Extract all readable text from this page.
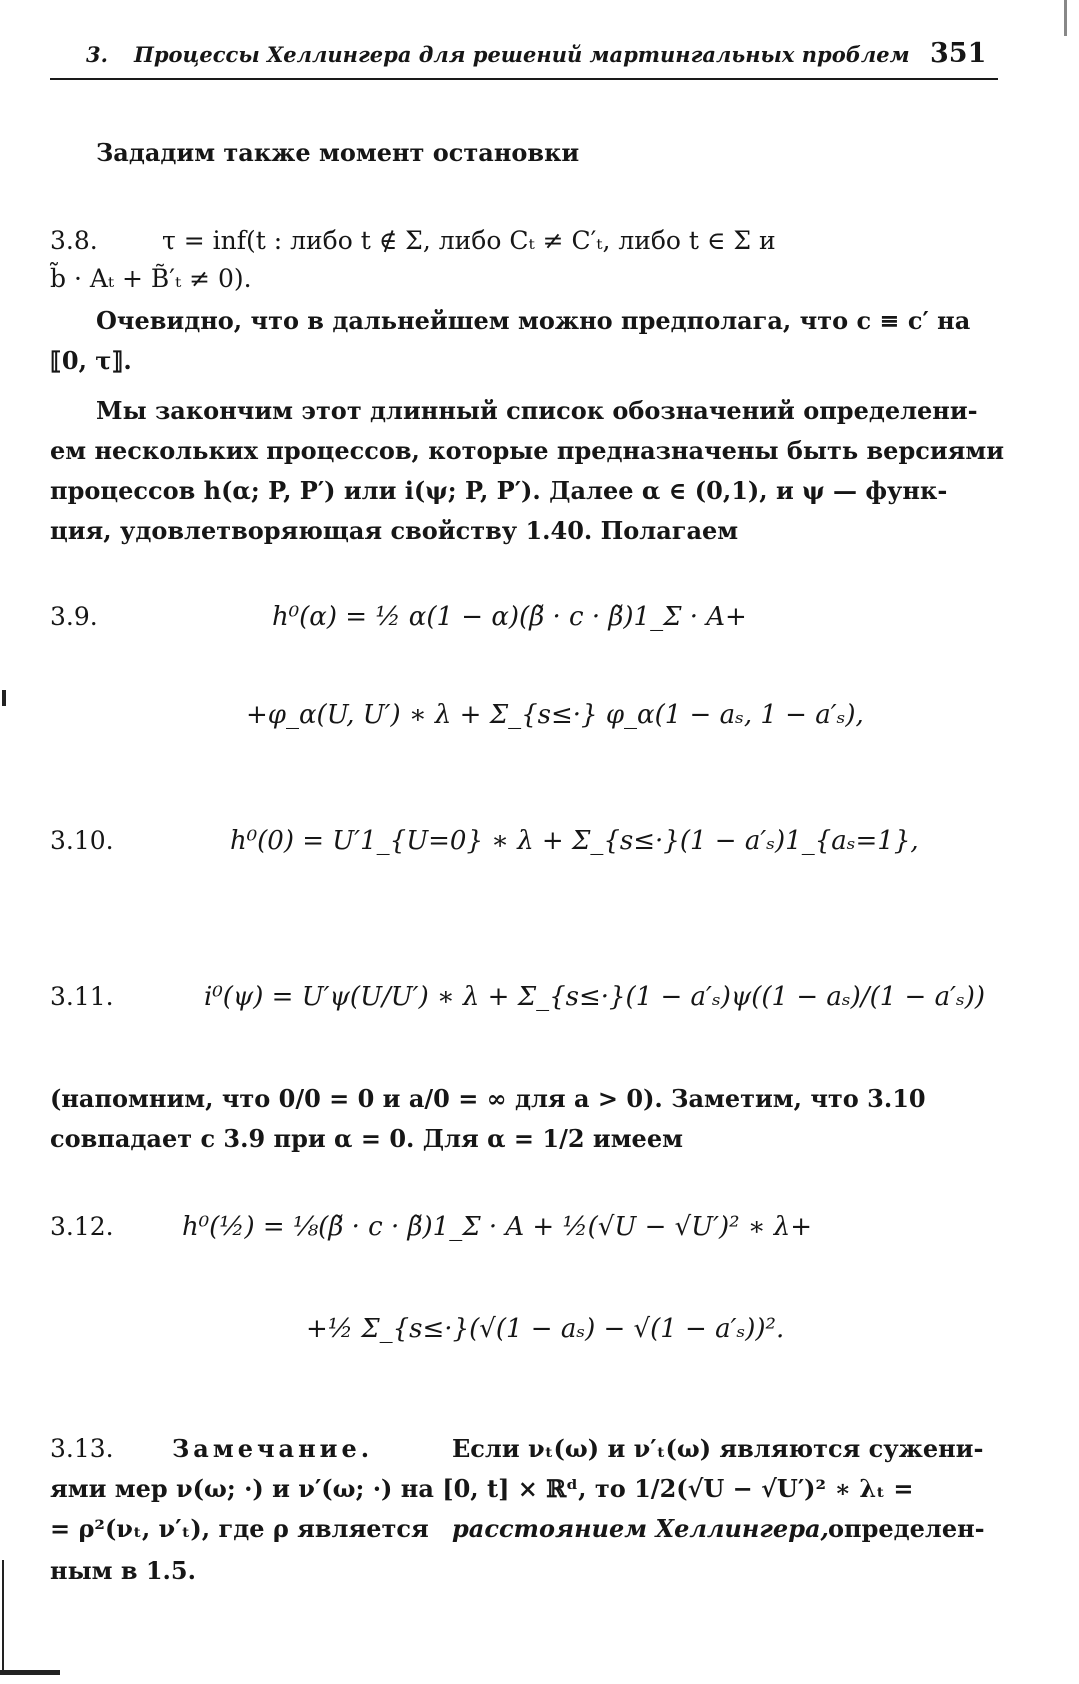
3. Процессы Хеллингера для решений мартингальных проблем 351
Зададим также момент остановки
3.8.	τ = inf(t : либо t ∉ Σ, либо Cₜ ≠ C′ₜ, либо t ∈ Σ и
b̃ · Aₜ + B̃′ₜ ≠ 0).
Очевидно, что в дальнейшем можно предполага, что c ≡ c′ на
⟦0, τ⟧.
Мы закончим этот длинный список обозначений определени-
ем нескольких процессов, которые предназначены быть версиями
процессов h(α; P, P′) или i(ψ; P, P′). Далее α ∈ (0,1), и ψ — функ-
ция, удовлетворяющая свойству 1.40. Полагаем
3.9.	h⁰(α) = ½ α(1 − α)(β̃ · c · β̃)1_Σ · A+
+φ_α(U, U′) ∗ λ + Σ_{s≤·} φ_α(1 − aₛ, 1 − a′ₛ),
3.10.	h⁰(0) = U′1_{U=0} ∗ λ + Σ_{s≤·}(1 − a′ₛ)1_{aₛ=1},
3.11.	i⁰(ψ) = U′ψ(U/U′) ∗ λ + Σ_{s≤·}(1 − a′ₛ)ψ((1 − aₛ)/(1 − a′ₛ))
(напомним, что 0/0 = 0 и a/0 = ∞ для a > 0). Заметим, что 3.10
совпадает с 3.9 при α = 0. Для α = 1/2 имеем
3.12.	h⁰(½) = ⅛(β̃ · c · β̃)1_Σ · A + ½(√U − √U′)² ∗ λ+
+½ Σ_{s≤·}(√(1 − aₛ) − √(1 − a′ₛ))².
3.13. Замечание.	Если νₜ(ω) и ν′ₜ(ω) являются сужени-
ями мер ν(ω; ·) и ν′(ω; ·) на [0, t] × ℝᵈ, то 1/2(√U − √U′)² ∗ λₜ =
= ρ²(νₜ, ν′ₜ), где ρ является расстоянием Хеллингера, определен-
ным в 1.5.
